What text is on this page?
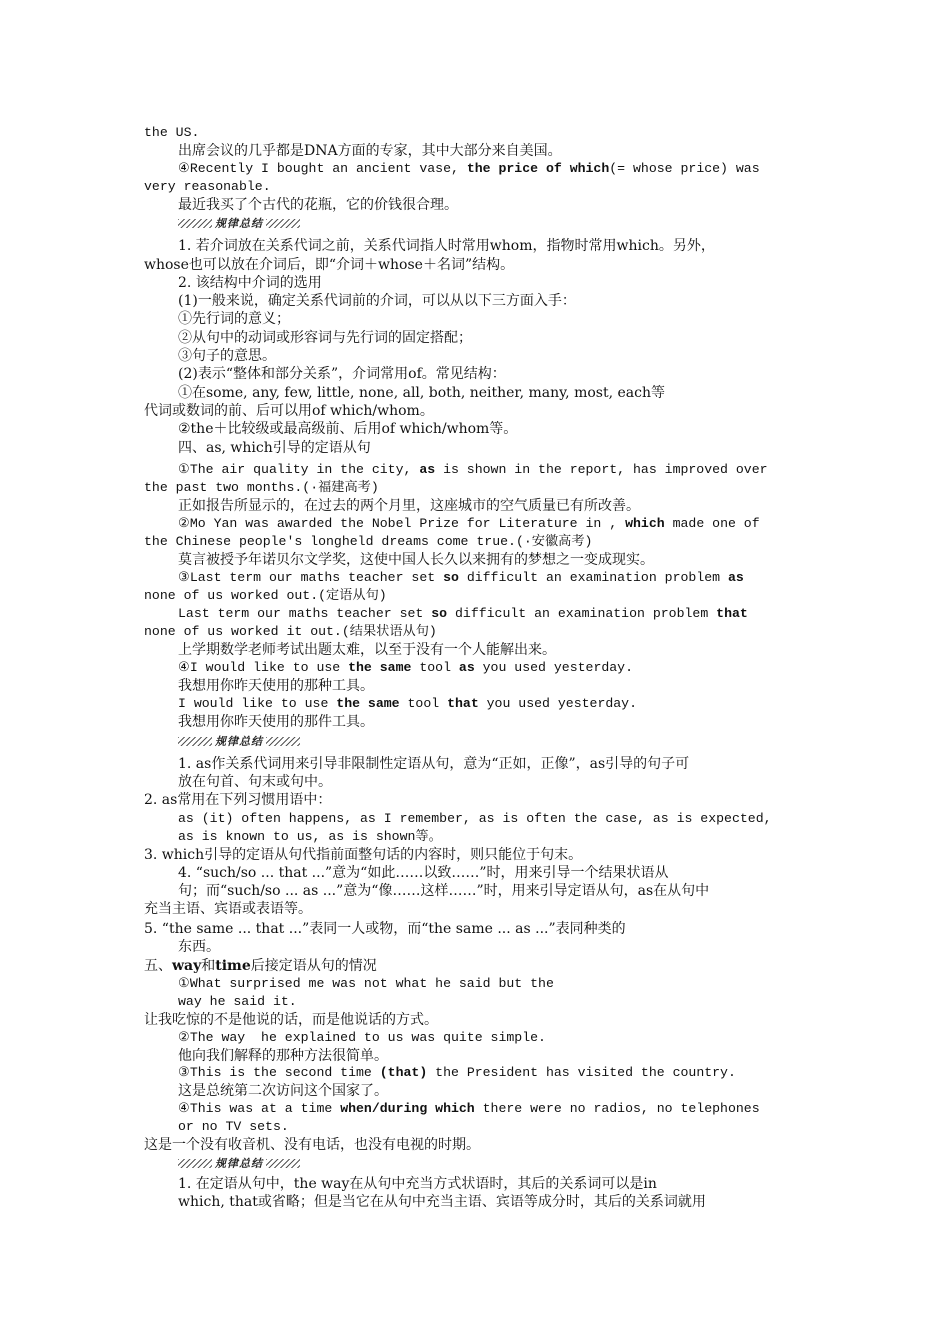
the US.
出席会议的几乎都是DNA方面的专家，其中大部分来自美国。
④Recently I bought an ancient vase, the price of which(= whose price) was
very reasonable.
最近我买了个古代的花瓶，它的价钱很合理。
规律总结
1. 若介词放在关系代词之前，关系代词指人时常用whom，指物时常用which。另外，
whose也可以放在介词后，即“介词＋whose＋名词”结构。
2. 该结构中介词的选用
(1)一般来说，确定关系代词前的介词，可以从以下三方面入手：
①先行词的意义；
②从句中的动词或形容词与先行词的固定搭配；
③句子的意思。
(2)表示“整体和部分关系”，介词常用of。常见结构：
①在some, any, few, little, none, all, both, neither, many, most, each等
代词或数词的前、后可以用of which/whom。
②the＋比较级或最高级前、后用of which/whom等。
四、as, which引导的定语从句
①The air quality in the city, as is shown in the report, has improved over
the past two months.(·福建高考)
正如报告所显示的，在过去的两个月里，这座城市的空气质量已有所改善。
②Mo Yan was awarded the Nobel Prize for Literature in , which made one of
the Chinese people's longheld dreams come true.(·安徽高考)
莫言被授予年诺贝尔文学奖，这使中国人长久以来拥有的梦想之一变成现实。
③Last term our maths teacher set so difficult an examination problem as
none of us worked out.(定语从句)
Last term our maths teacher set so difficult an examination problem that
none of us worked it out.(结果状语从句)
上学期数学老师考试出题太难，以至于没有一个人能解出来。
④I would like to use the same tool as you used yesterday.
我想用你昨天使用的那种工具。
I would like to use the same tool that you used yesterday.
我想用你昨天使用的那件工具。
规律总结
1. as作关系代词用来引导非限制性定语从句，意为“正如，正像”，as引导的句子可
放在句首、句末或句中。
2. as常用在下列习惯用语中：
as (it) often happens, as I remember, as is often the case, as is expected,
as is known to us, as is shown等。
3. which引导的定语从句代指前面整句话的内容时，则只能位于句末。
4. “such/so ... that ...”意为“如此……以致……”时，用来引导一个结果状语从
句；而“such/so ... as ...”意为“像……这样……”时，用来引导定语从句，as在从句中
充当主语、宾语或表语等。
5. “the same ... that ...”表同一人或物，而“the same ... as ...”表同种类的
东西。
五、way和time后接定语从句的情况
①What surprised me was not what he said but the
way he said it.
让我吃惊的不是他说的话，而是他说话的方式。
②The way  he explained to us was quite simple.
他向我们解释的那种方法很简单。
③This is the second time (that) the President has visited the country.
这是总统第二次访问这个国家了。
④This was at a time when/during which there were no radios, no telephones
or no TV sets.
这是一个没有收音机、没有电话，也没有电视的时期。
规律总结
1. 在定语从句中，the way在从句中充当方式状语时，其后的关系词可以是in
which, that或省略；但是当它在从句中充当主语、宾语等成分时，其后的关系词就用
